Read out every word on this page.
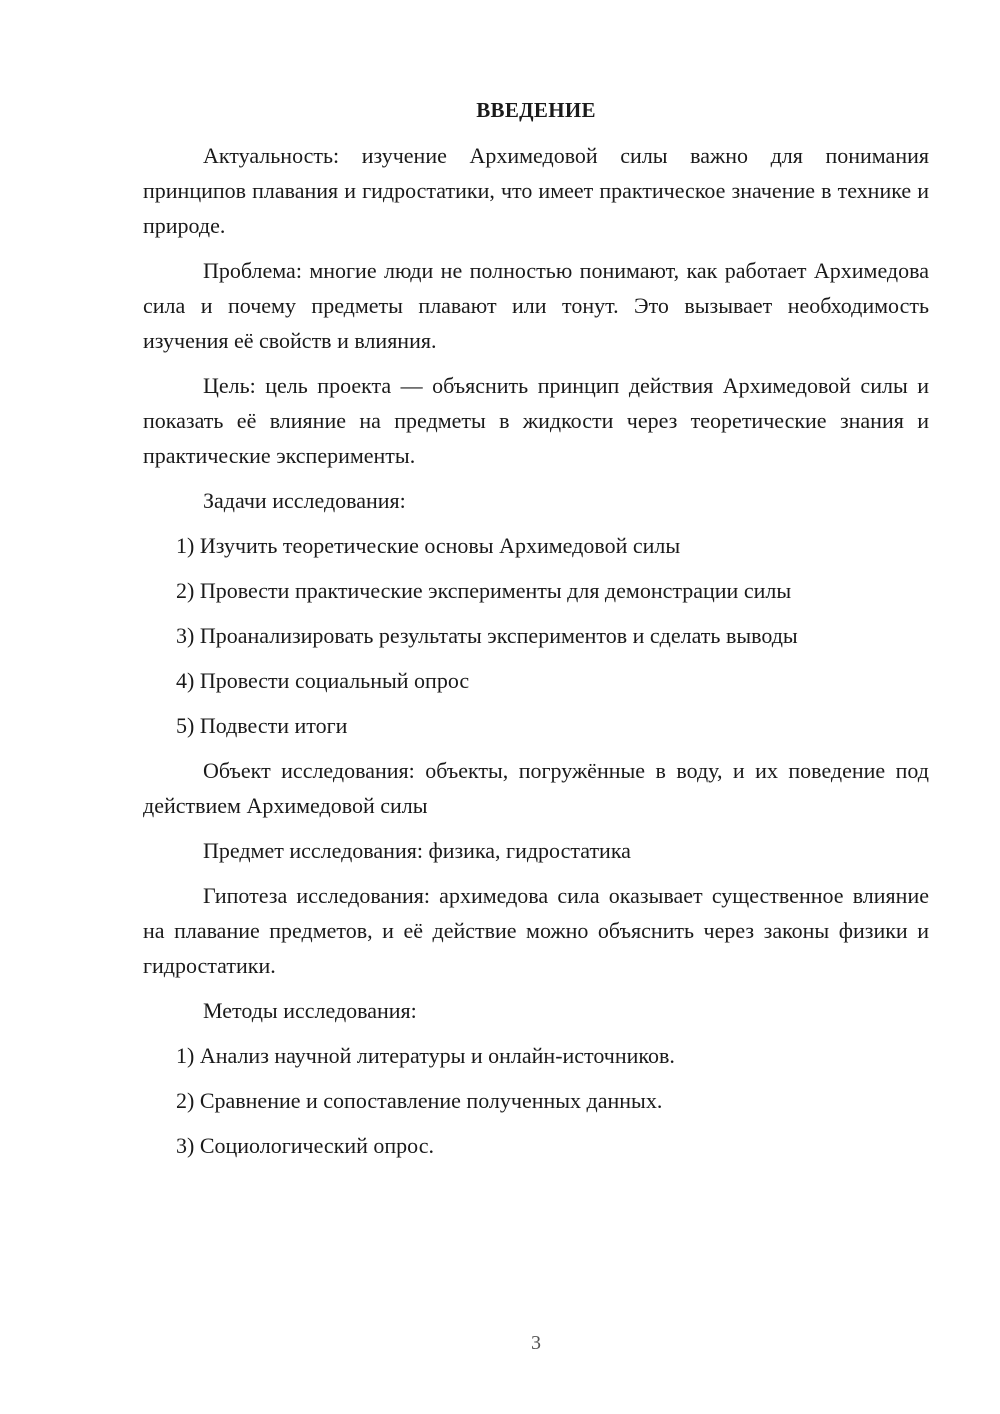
ВВЕДЕНИЕ

Актуальность: изучение Архимедовой силы важно для понимания принципов плавания и гидростатики, что имеет практическое значение в технике и природе.

Проблема: многие люди не полностью понимают, как работает Архимедова сила и почему предметы плавают или тонут. Это вызывает необходимость изучения её свойств и влияния.

Цель: цель проекта — объяснить принцип действия Архимедовой силы и показать её влияние на предметы в жидкости через теоретические знания и практические эксперименты.

Задачи исследования:

1) Изучить теоретические основы Архимедовой силы

2) Провести практические эксперименты для демонстрации силы

3) Проанализировать результаты экспериментов и сделать выводы

4) Провести социальный опрос

5) Подвести итоги

Объект исследования: объекты, погружённые в воду, и их поведение под действием Архимедовой силы

Предмет исследования: физика, гидростатика

Гипотеза исследования: архимедова сила оказывает существенное влияние на плавание предметов, и её действие можно объяснить через законы физики и гидростатики.

Методы исследования:

1) Анализ научной литературы и онлайн-источников.

2) Сравнение и сопоставление полученных данных.

3) Социологический опрос.

3
